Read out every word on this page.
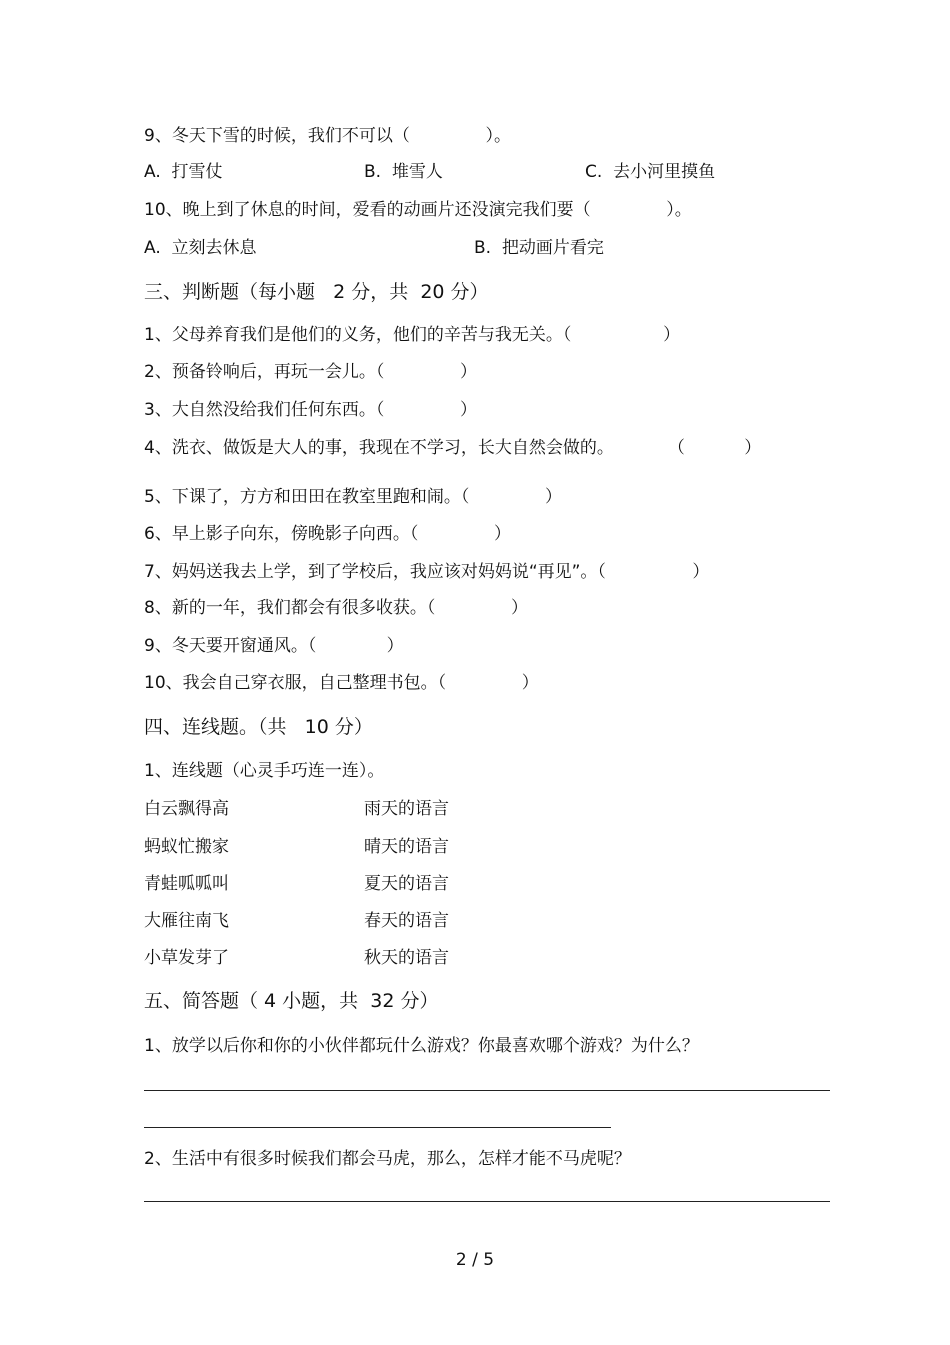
9、冬天下雪的时候，我们不可以（              ）。
A.  打雪仗	B.  堆雪人	C.  去小河里摸鱼
10、晚上到了休息的时间，爱看的动画片还没演完我们要（              ）。
A.  立刻去休息	B.  把动画片看完
三、判断题（每小题   2 分，共  20 分）
1、父母养育我们是他们的义务，他们的辛苦与我无关。（                 ）
2、预备铃响后，再玩一会儿。（              ）
3、大自然没给我们任何东西。（              ）
4、洗衣、做饭是大人的事，我现在不学习，长大自然会做的。          （           ）
5、下课了，方方和田田在教室里跑和闹。（              ）
6、早上影子向东，傍晚影子向西。（              ）
7、妈妈送我去上学，到了学校后，我应该对妈妈说“再见”。（                ）
8、新的一年，我们都会有很多收获。（              ）
9、冬天要开窗通风。（             ）
10、我会自己穿衣服，自己整理书包。（              ）
四、连线题。（共   10 分）
1、连线题（心灵手巧连一连）。
白云飘得高	雨天的语言
蚂蚁忙搬家	晴天的语言
青蛙呱呱叫	夏天的语言
大雁往南飞	春天的语言
小草发芽了	秋天的语言
五、简答题（ 4 小题，共  32 分）
1、放学以后你和你的小伙伴都玩什么游戏？你最喜欢哪个游戏？为什么？
2、生活中有很多时候我们都会马虎，那么，怎样才能不马虎呢？
2 / 5
